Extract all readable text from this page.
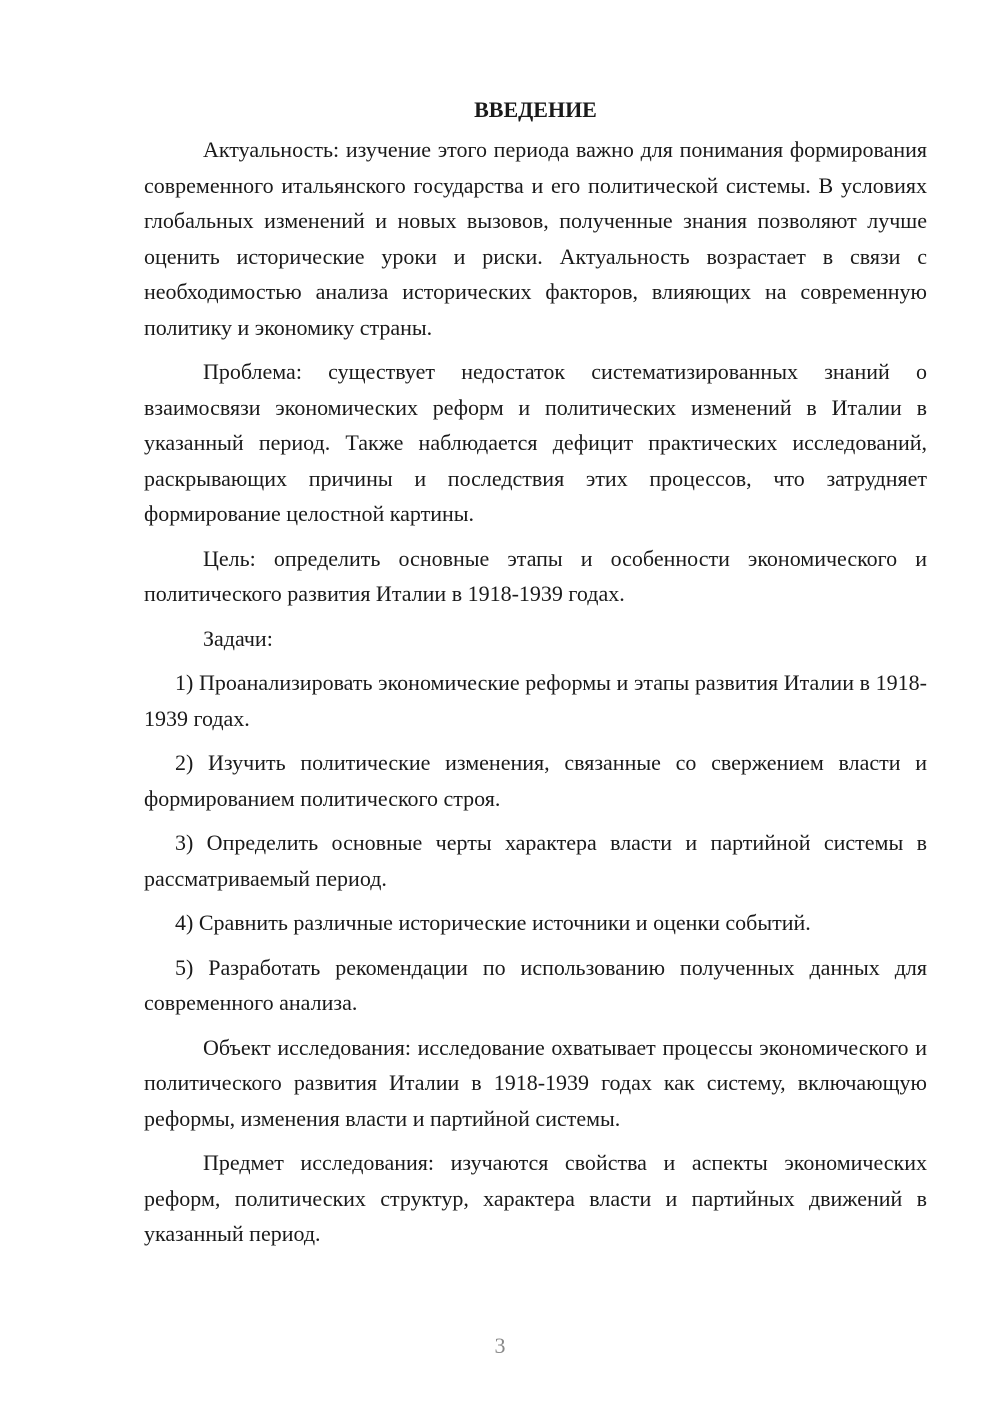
ВВЕДЕНИЕ

Актуальность: изучение этого периода важно для понимания формирования современного итальянского государства и его политической системы. В условиях глобальных изменений и новых вызовов, полученные знания позволяют лучше оценить исторические уроки и риски. Актуальность возрастает в связи с необходимостью анализа исторических факторов, влияющих на современную политику и экономику страны.

Проблема: существует недостаток систематизированных знаний о взаимосвязи экономических реформ и политических изменений в Италии в указанный период. Также наблюдается дефицит практических исследований, раскрывающих причины и последствия этих процессов, что затрудняет формирование целостной картины.

Цель: определить основные этапы и особенности экономического и политического развития Италии в 1918-1939 годах.

Задачи:

1) Проанализировать экономические реформы и этапы развития Италии в 1918-1939 годах.

2) Изучить политические изменения, связанные со свержением власти и формированием политического строя.

3) Определить основные черты характера власти и партийной системы в рассматриваемый период.

4) Сравнить различные исторические источники и оценки событий.

5) Разработать рекомендации по использованию полученных данных для современного анализа.

Объект исследования: исследование охватывает процессы экономического и политического развития Италии в 1918-1939 годах как систему, включающую реформы, изменения власти и партийной системы.

Предмет исследования: изучаются свойства и аспекты экономических реформ, политических структур, характера власти и партийных движений в указанный период.

3
